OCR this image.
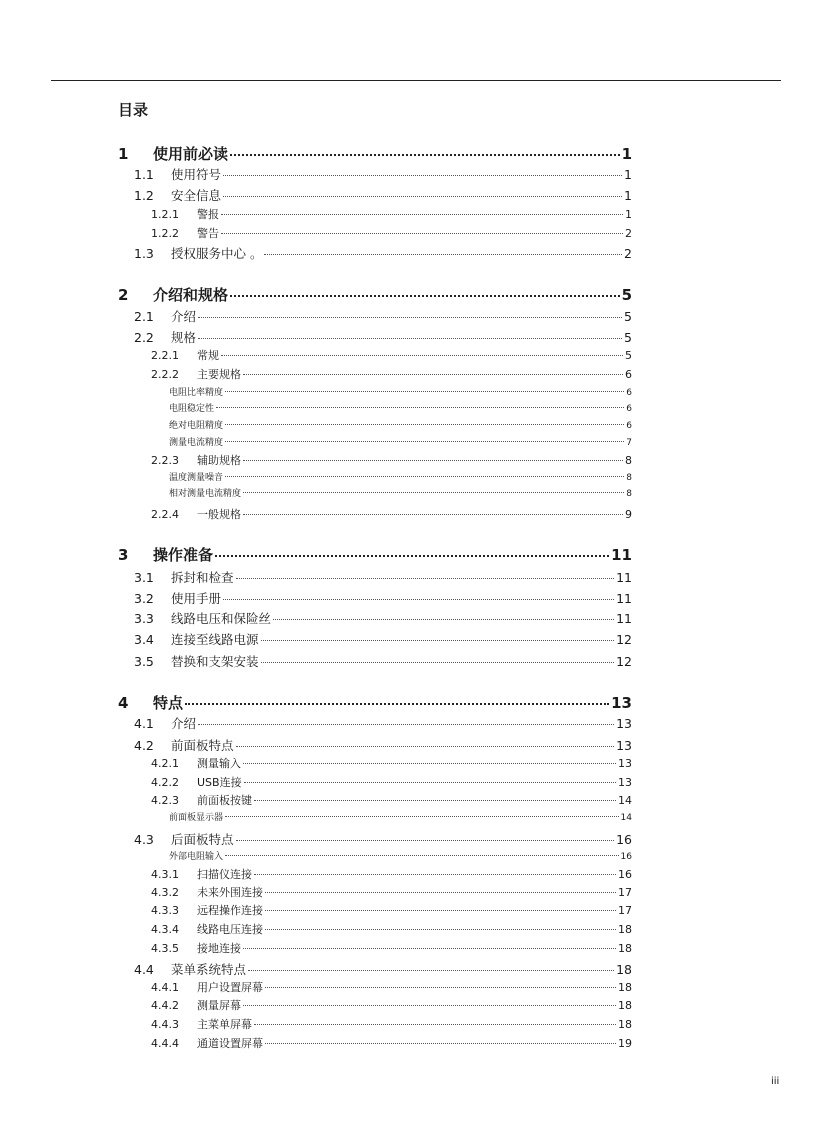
目录
1	使用前必读	1
1.1	使用符号	1
1.2	安全信息	1
1.2.1	警报	1
1.2.2	警告	2
1.3	授权服务中心 。	2
2	介绍和规格	5
2.1	介绍	5
2.2	规格	5
2.2.1	常规	5
2.2.2	主要规格	6
电阻比率精度	6
电阻稳定性	6
绝对电阻精度	6
测量电流精度	7
2.2.3	辅助规格	8
温度测量噪音	8
相对测量电流精度	8
2.2.4	一般规格	9
3	操作准备	11
3.1	拆封和检查	11
3.2	使用手册	11
3.3	线路电压和保险丝	11
3.4	连接至线路电源	12
3.5	替换和支架安装	12
4	特点	13
4.1	介绍	13
4.2	前面板特点	13
4.2.1	测量输入	13
4.2.2	USB连接	13
4.2.3	前面板按键	14
前面板显示器	14
4.3	后面板特点	16
外部电阻输入	16
4.3.1	扫描仪连接	16
4.3.2	未来外围连接	17
4.3.3	远程操作连接	17
4.3.4	线路电压连接	18
4.3.5	接地连接	18
4.4	菜单系统特点	18
4.4.1	用户设置屏幕	18
4.4.2	测量屏幕	18
4.4.3	主菜单屏幕	18
4.4.4	通道设置屏幕	19
iii
